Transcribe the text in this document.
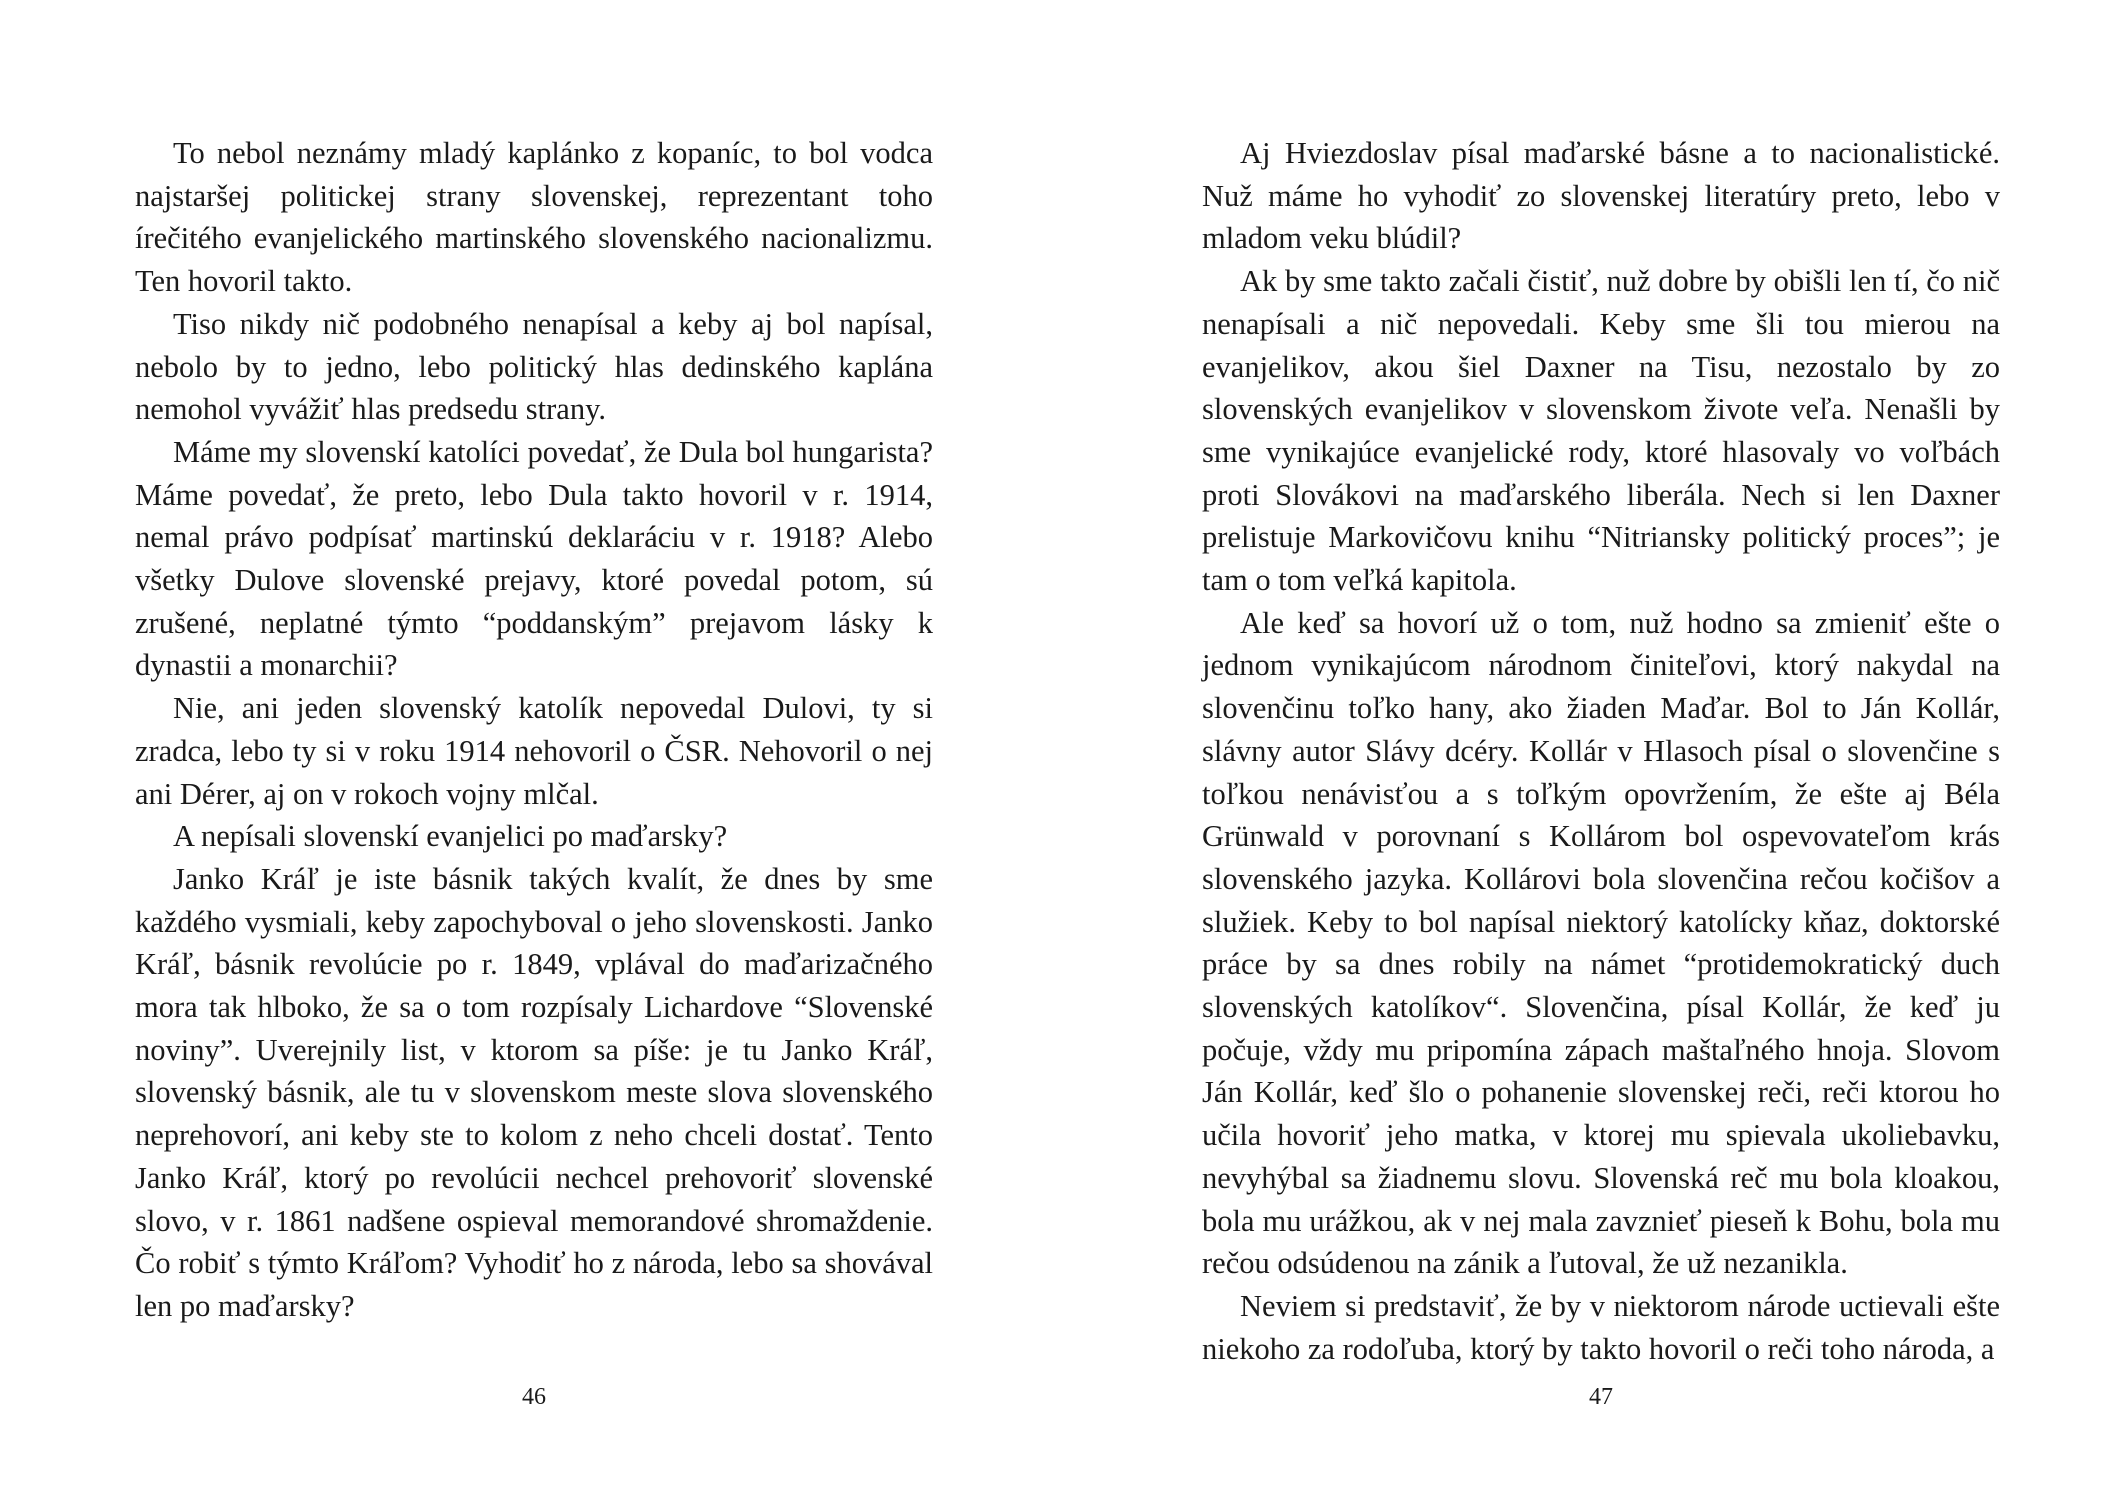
To nebol neznámy mladý kaplánko z kopaníc, to bol vodca najstaršej politickej strany slovenskej, reprezentant toho írečitého evanjelického martinského slovenského nacionalizmu. Ten hovoril takto.

Tiso nikdy nič podobného nenapísal a keby aj bol napísal, nebolo by to jedno, lebo politický hlas dedinského kaplána nemohol vyvážiť hlas predsedu strany.

Máme my slovenskí katolíci povedať, že Dula bol hungarista? Máme povedať, že preto, lebo Dula takto hovoril v r. 1914, nemal právo podpísať martinskú deklaráciu v r. 1918? Alebo všetky Dulove slovenské prejavy, ktoré povedal potom, sú zrušené, neplatné týmto “poddanským” prejavom lásky k dynastii a monarchii?

Nie, ani jeden slovenský katolík nepovedal Dulovi, ty si zradca, lebo ty si v roku 1914 nehovoril o ČSR. Nehovoril o nej ani Dérer, aj on v rokoch vojny mlčal.

A nepísali slovenskí evanjelici po maďarsky?

Janko Kráľ je iste básnik takých kvalít, že dnes by sme každého vysmiali, keby zapochyboval o jeho slovenskosti. Janko Kráľ, básnik revolúcie po r. 1849, vplával do maďarizačného mora tak hlboko, že sa o tom rozpísaly Lichardove “Slovenské noviny”. Uverejnily list, v ktorom sa píše: je tu Janko Kráľ, slovenský básnik, ale tu v slovenskom meste slova slovenského neprehovorí, ani keby ste to kolom z neho chceli dostať. Tento Janko Kráľ, ktorý po revolúcii nechcel prehovoriť slovenské slovo, v r. 1861 nadšene ospieval memorandové shromaždenie. Čo robiť s týmto Kráľom? Vyhodiť ho z národa, lebo sa shovával len po maďarsky?

46

Aj Hviezdoslav písal maďarské básne a to nacionalistické. Nuž máme ho vyhodiť zo slovenskej literatúry preto, lebo v mladom veku blúdil?

Ak by sme takto začali čistiť, nuž dobre by obišli len tí, čo nič nenapísali a nič nepovedali. Keby sme šli tou mierou na evanjelikov, akou šiel Daxner na Tisu, nezostalo by zo slovenských evanjelikov v slovenskom živote veľa. Nenašli by sme vynikajúce evanjelické rody, ktoré hlasovaly vo voľbách proti Slovákovi na maďarského liberála. Nech si len Daxner prelistuje Markovičovu knihu “Nitriansky politický proces”; je tam o tom veľká kapitola.

Ale keď sa hovorí už o tom, nuž hodno sa zmieniť ešte o jednom vynikajúcom národnom činiteľovi, ktorý nakydal na slovenčinu toľko hany, ako žiaden Maďar. Bol to Ján Kollár, slávny autor Slávy dcéry. Kollár v Hlasoch písal o slovenčine s toľkou nenávisťou a s toľkým opovržením, že ešte aj Béla Grünwald v porovnaní s Kollárom bol ospevovateľom krás slovenského jazyka. Kollárovi bola slovenčina rečou kočišov a služiek. Keby to bol napísal niektorý katolícky kňaz, doktorské práce by sa dnes robily na námet “protidemokratický duch slovenských katolíkov“. Slovenčina, písal Kollár, že keď ju počuje, vždy mu pripomína zápach maštaľného hnoja. Slovom Ján Kollár, keď šlo o pohanenie slovenskej reči, reči ktorou ho učila hovoriť jeho matka, v ktorej mu spievala ukoliebavku, nevyhýbal sa žiadnemu slovu. Slovenská reč mu bola kloakou, bola mu urážkou, ak v nej mala zavznieť pieseň k Bohu, bola mu rečou odsúdenou na zánik a ľutoval, že už nezanikla.

Neviem si predstaviť, že by v niektorom národe uctievali ešte niekoho za rodoľuba, ktorý by takto hovoril o reči toho národa, a

47
